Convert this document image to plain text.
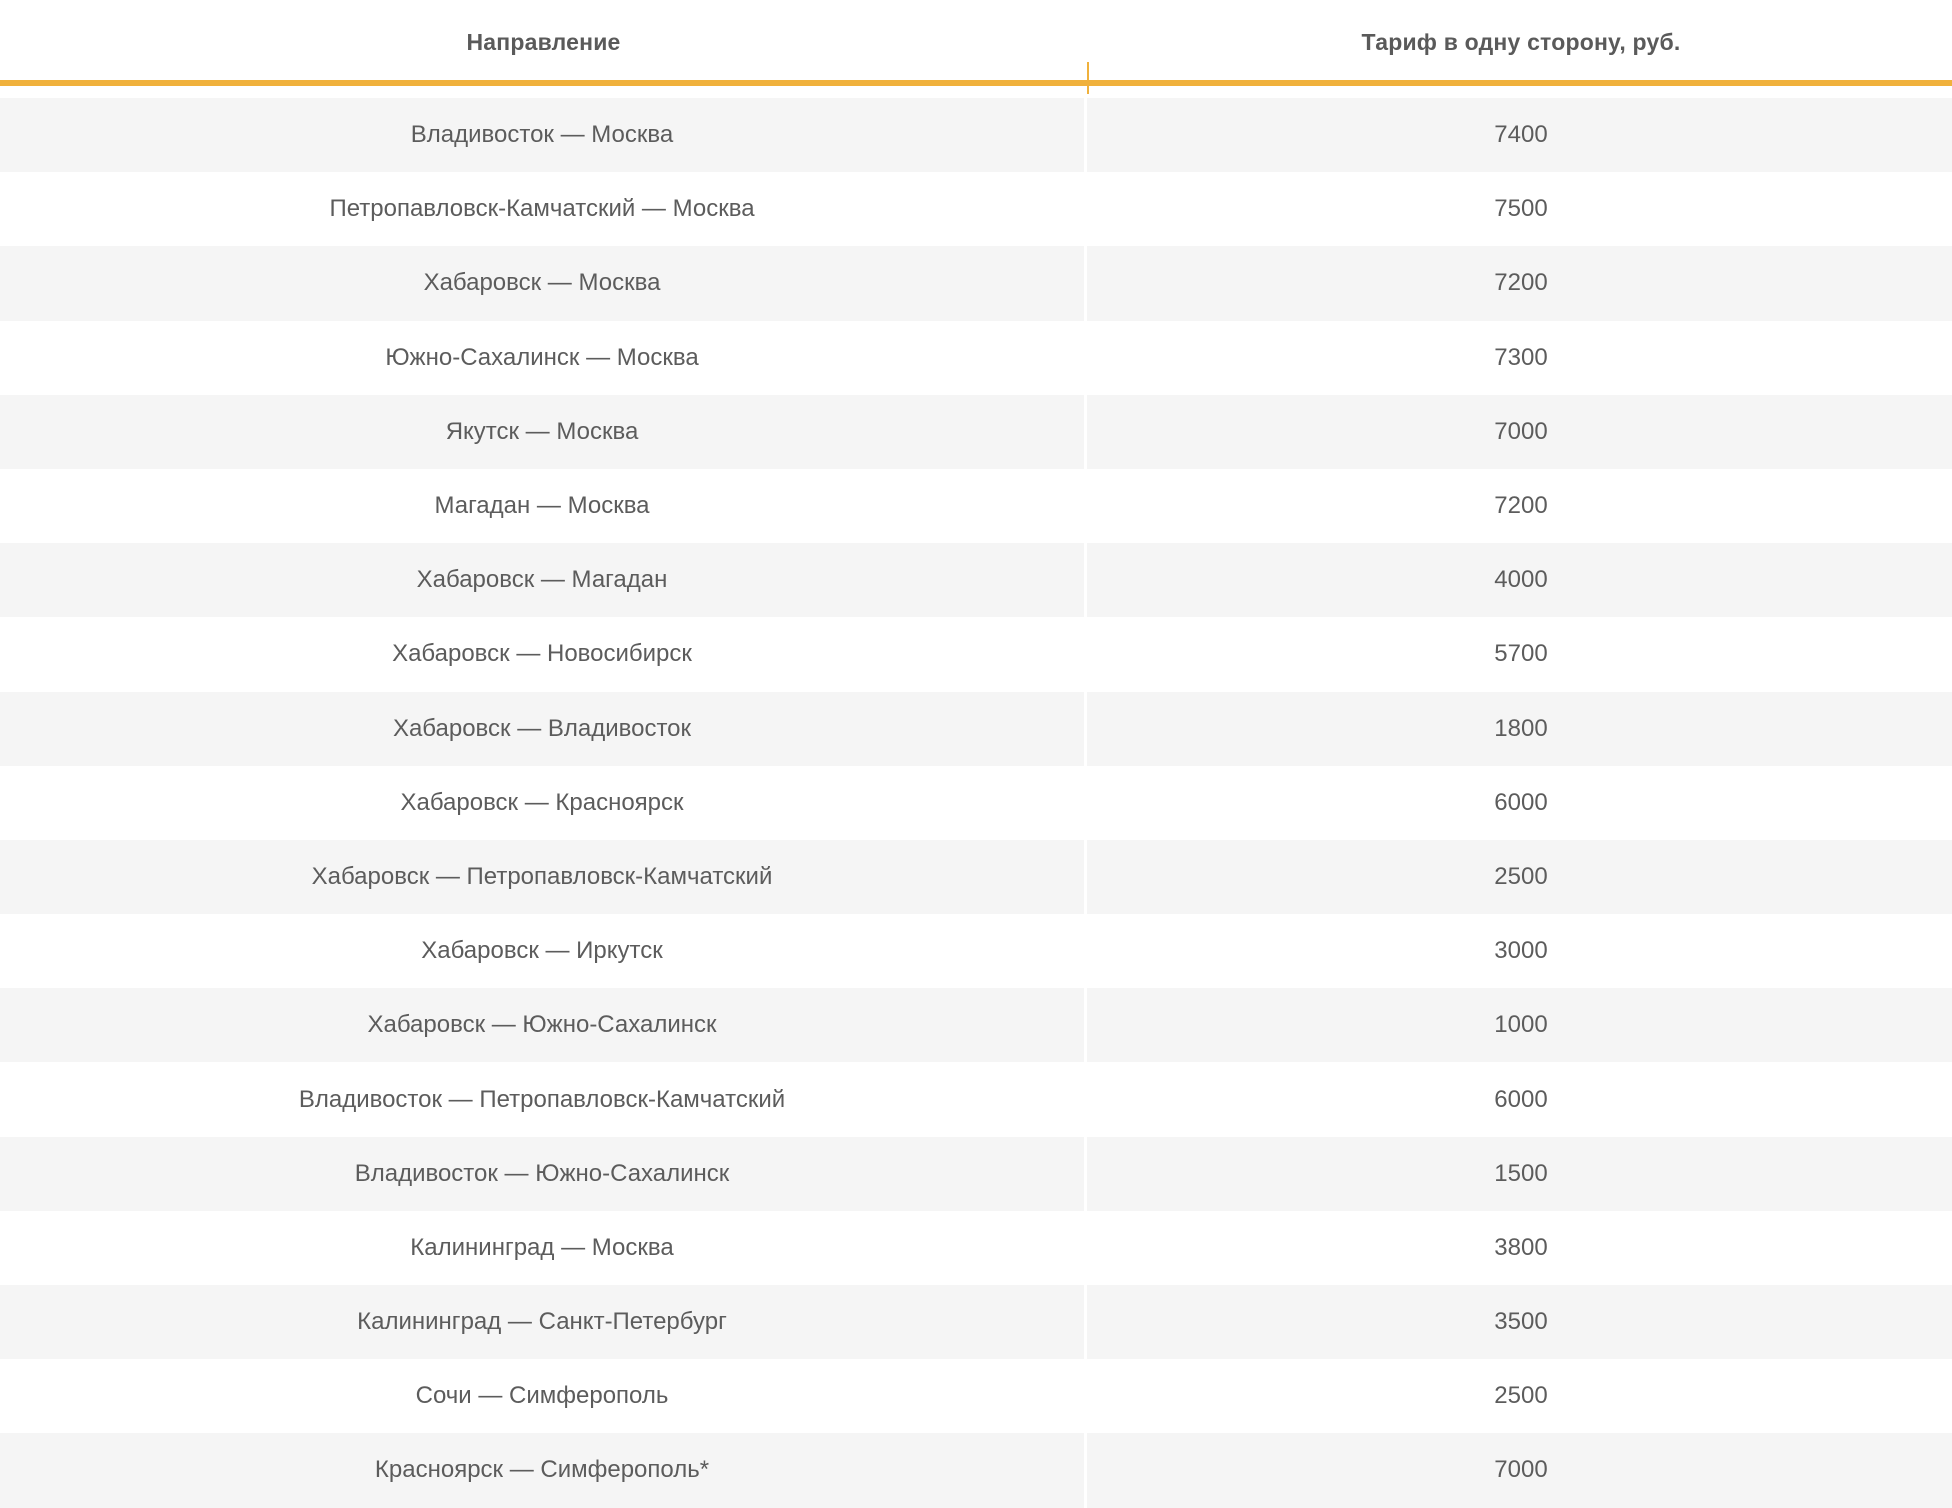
Направление	Тариф в одну сторону, руб.
Владивосток — Москва	7400
Петропавловск-Камчатский — Москва	7500
Хабаровск — Москва	7200
Южно-Сахалинск — Москва	7300
Якутск — Москва	7000
Магадан — Москва	7200
Хабаровск — Магадан	4000
Хабаровск — Новосибирск	5700
Хабаровск — Владивосток	1800
Хабаровск — Красноярск	6000
Хабаровск — Петропавловск-Камчатский	2500
Хабаровск — Иркутск	3000
Хабаровск — Южно-Сахалинск	1000
Владивосток — Петропавловск-Камчатский	6000
Владивосток — Южно-Сахалинск	1500
Калининград — Москва	3800
Калининград — Санкт-Петербург	3500
Сочи — Симферополь	2500
Красноярск — Симферополь*	7000
